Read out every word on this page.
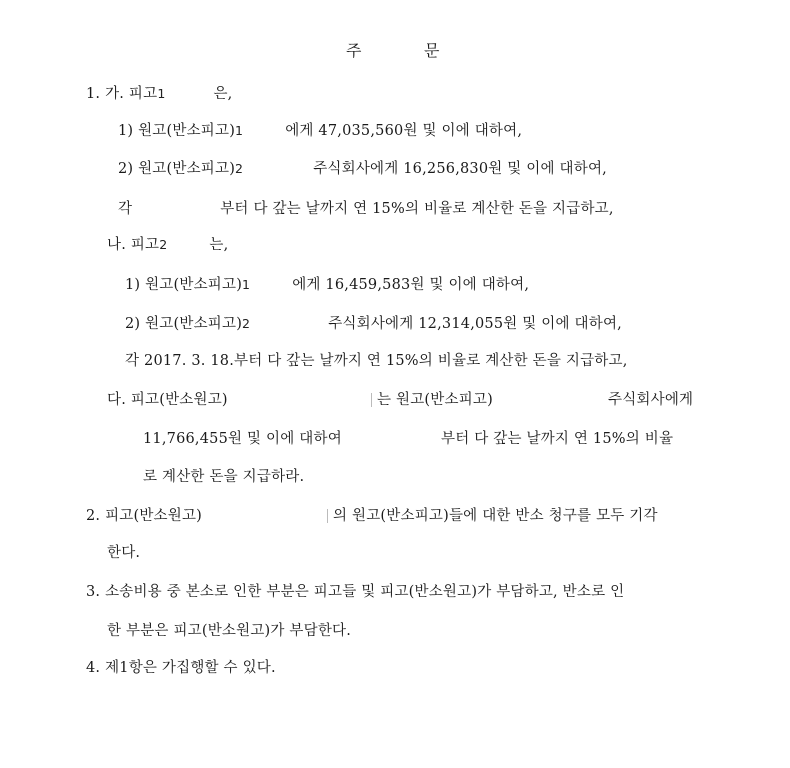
주	문
1. 가. 피고1	은,
1) 원고(반소피고)1	에게 47,035,560원 및 이에 대하여,
2) 원고(반소피고)2	주식회사에게 16,256,830원 및 이에 대하여,
각	부터 다 갚는 날까지 연 15%의 비율로 계산한 돈을 지급하고,
나. 피고2	는,
1) 원고(반소피고)1	에게 16,459,583원 및 이에 대하여,
2) 원고(반소피고)2	주식회사에게 12,314,055원 및 이에 대하여,
각 2017. 3. 18.부터 다 갚는 날까지 연 15%의 비율로 계산한 돈을 지급하고,
다. 피고(반소원고)	는 원고(반소피고)	주식회사에게
11,766,455원 및 이에 대하여	부터 다 갚는 날까지 연 15%의 비율
로 계산한 돈을 지급하라.
2. 피고(반소원고)	의 원고(반소피고)들에 대한 반소 청구를 모두 기각
한다.
3. 소송비용 중 본소로 인한 부분은 피고들 및 피고(반소원고)가 부담하고, 반소로 인
한 부분은 피고(반소원고)가 부담한다.
4. 제1항은 가집행할 수 있다.
